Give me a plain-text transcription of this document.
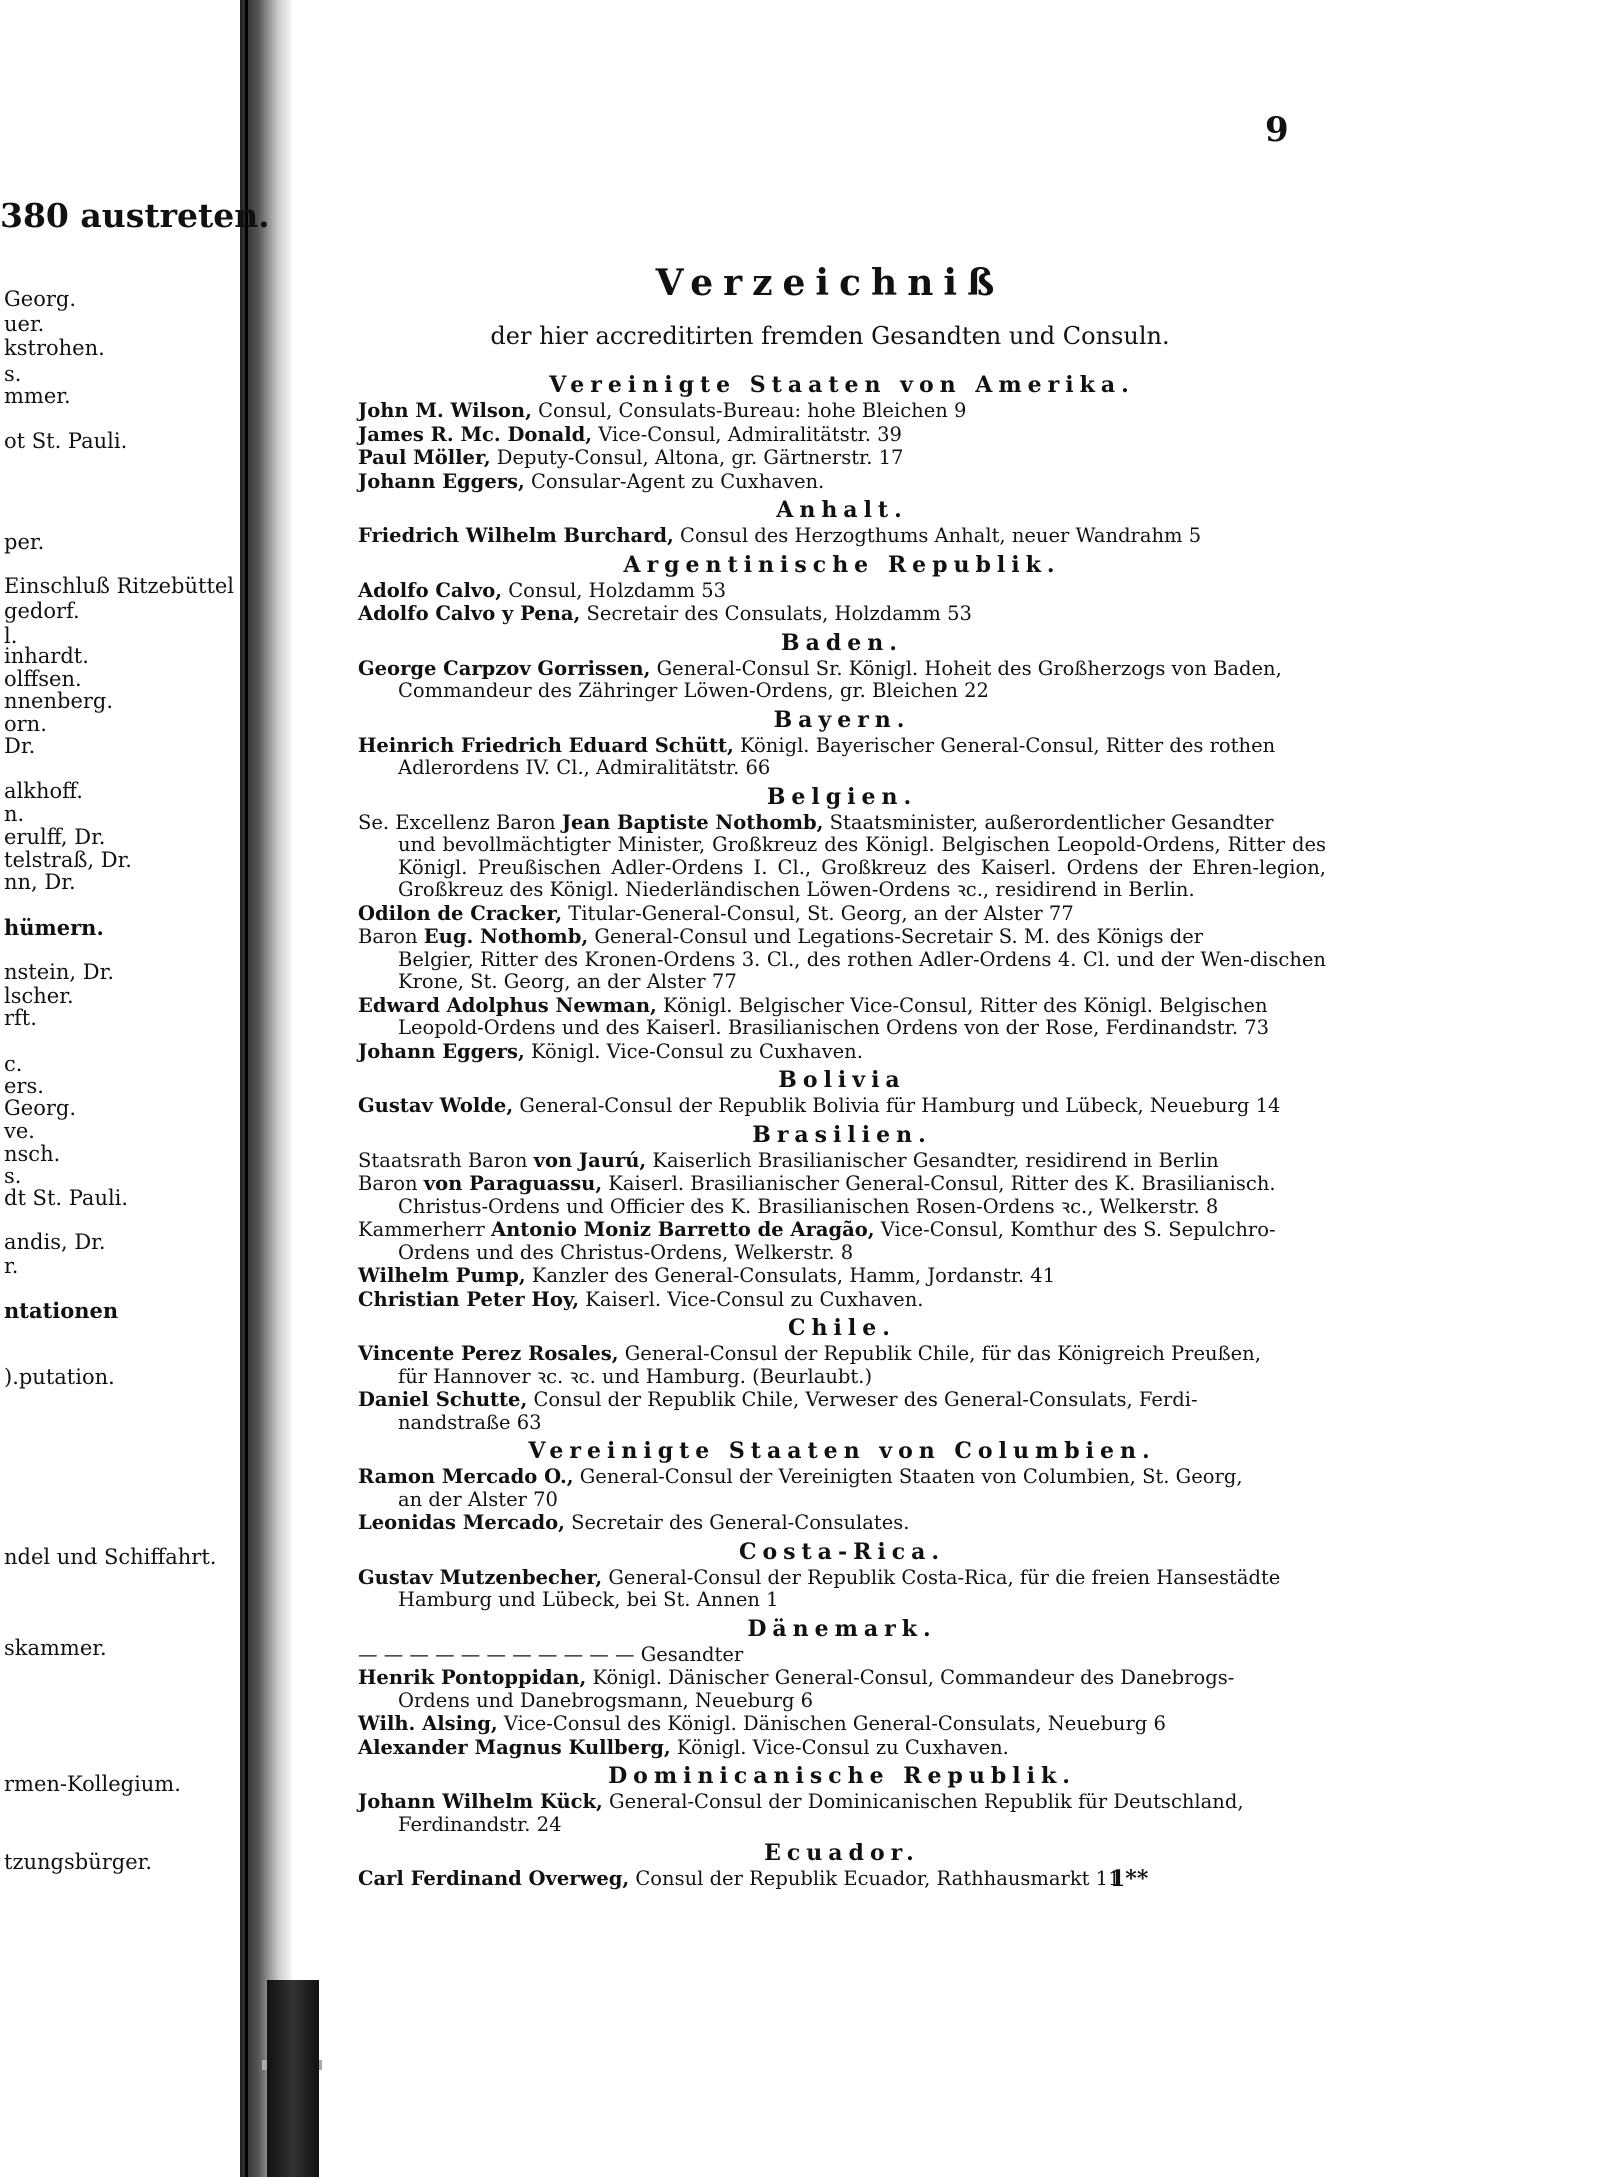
380 austreten.
Georg.
uer.
kstrohen.
s.
mmer.
ot St. Pauli.
per.
Einschluß Ritzebüttel
gedorf.
l.
inhardt.
olffsen.
nnenberg.
orn.
Dr.
alkhoff.
n.
erulff, Dr.
telstraß, Dr.
nn, Dr.
hümern.
nstein, Dr.
lscher.
rft.
c.
ers.
Georg.
ve.
nsch.
s.
dt St. Pauli.
andis, Dr.
r.
ntationen
).putation.
ndel und Schiffahrt.
skammer.
rmen-Kollegium.
tzungsbürger.
9
Verzeichniß
der hier accreditirten fremden Gesandten und Consuln.
Vereinigte Staaten von Amerika.
John M. Wilson, Consul, Consulats-Bureau: hohe Bleichen 9
James R. Mc. Donald, Vice-Consul, Admiralitätstr. 39
Paul Möller, Deputy-Consul, Altona, gr. Gärtnerstr. 17
Johann Eggers, Consular-Agent zu Cuxhaven.
Anhalt.
Friedrich Wilhelm Burchard, Consul des Herzogthums Anhalt, neuer Wandrahm 5
Argentinische Republik.
Adolfo Calvo, Consul, Holzdamm 53
Adolfo Calvo y Pena, Secretair des Consulats, Holzdamm 53
Baden.
George Carpzov Gorrissen, General-Consul Sr. Königl. Hoheit des Großherzogs von Baden,
Commandeur des Zähringer Löwen-Ordens, gr. Bleichen 22
Bayern.
Heinrich Friedrich Eduard Schütt, Königl. Bayerischer General-Consul, Ritter des rothen
Adlerordens IV. Cl., Admiralitätstr. 66
Belgien.
Se. Excellenz Baron Jean Baptiste Nothomb, Staatsminister, außerordentlicher Gesandter
und bevollmächtigter Minister, Großkreuz des Königl. Belgischen Leopold-Ordens, Ritter des Königl. Preußischen Adler-Ordens I. Cl., Großkreuz des Kaiserl. Ordens der Ehren-legion, Großkreuz des Königl. Niederländischen Löwen-Ordens ꝛc., residirend in Berlin.
Odilon de Cracker, Titular-General-Consul, St. Georg, an der Alster 77
Baron Eug. Nothomb, General-Consul und Legations-Secretair S. M. des Königs der
Belgier, Ritter des Kronen-Ordens 3. Cl., des rothen Adler-Ordens 4. Cl. und der Wen-dischen Krone, St. Georg, an der Alster 77
Edward Adolphus Newman, Königl. Belgischer Vice-Consul, Ritter des Königl. Belgischen
Leopold-Ordens und des Kaiserl. Brasilianischen Ordens von der Rose, Ferdinandstr. 73
Johann Eggers, Königl. Vice-Consul zu Cuxhaven.
Bolivia
Gustav Wolde, General-Consul der Republik Bolivia für Hamburg und Lübeck, Neueburg 14
Brasilien.
Staatsrath Baron von Jaurú, Kaiserlich Brasilianischer Gesandter, residirend in Berlin
Baron von Paraguassu, Kaiserl. Brasilianischer General-Consul, Ritter des K. Brasilianisch.
Christus-Ordens und Officier des K. Brasilianischen Rosen-Ordens ꝛc., Welkerstr. 8
Kammerherr Antonio Moniz Barretto de Aragão, Vice-Consul, Komthur des S. Sepulchro-
Ordens und des Christus-Ordens, Welkerstr. 8
Wilhelm Pump, Kanzler des General-Consulats, Hamm, Jordanstr. 41
Christian Peter Hoy, Kaiserl. Vice-Consul zu Cuxhaven.
Chile.
Vincente Perez Rosales, General-Consul der Republik Chile, für das Königreich Preußen,
für Hannover ꝛc. ꝛc. und Hamburg. (Beurlaubt.)
Daniel Schutte, Consul der Republik Chile, Verweser des General-Consulats, Ferdi-
nandstraße 63
Vereinigte Staaten von Columbien.
Ramon Mercado O., General-Consul der Vereinigten Staaten von Columbien, St. Georg,
an der Alster 70
Leonidas Mercado, Secretair des General-Consulates.
Costa-Rica.
Gustav Mutzenbecher, General-Consul der Republik Costa-Rica, für die freien Hansestädte
Hamburg und Lübeck, bei St. Annen 1
Dänemark.
— — — — — — — — — — — Gesandter
Henrik Pontoppidan, Königl. Dänischer General-Consul, Commandeur des Danebrogs-
Ordens und Danebrogsmann, Neueburg 6
Wilh. Alsing, Vice-Consul des Königl. Dänischen General-Consulats, Neueburg 6
Alexander Magnus Kullberg, Königl. Vice-Consul zu Cuxhaven.
Dominicanische Republik.
Johann Wilhelm Kück, General-Consul der Dominicanischen Republik für Deutschland,
Ferdinandstr. 24
Ecuador.
Carl Ferdinand Overweg, Consul der Republik Ecuador, Rathhausmarkt 11
1**
